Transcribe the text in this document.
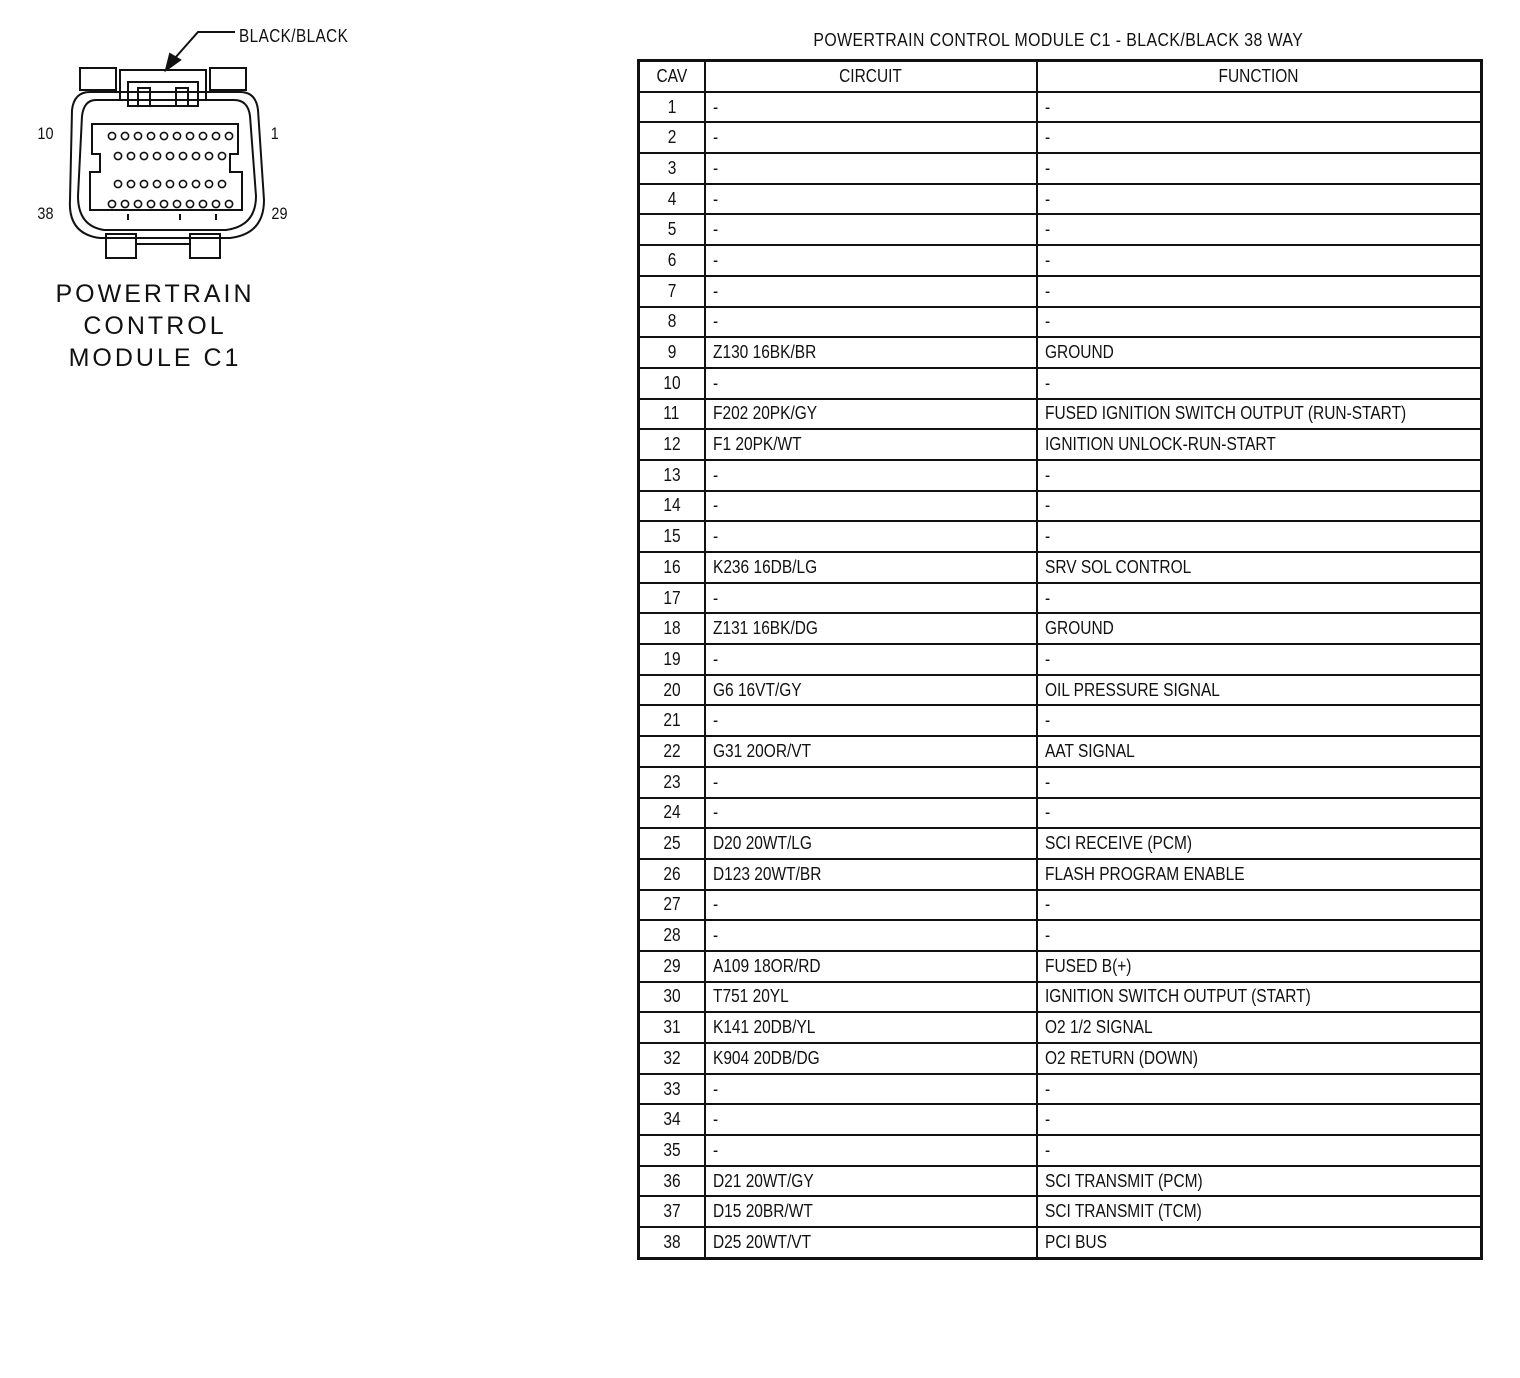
BLACK/BLACK
10	1
38	29
POWERTRAIN
CONTROL
MODULE C1
POWERTRAIN CONTROL MODULE C1 - BLACK/BLACK 38 WAY
CAV	CIRCUIT	FUNCTION
1	-	-
2	-	-
3	-	-
4	-	-
5	-	-
6	-	-
7	-	-
8	-	-
9	Z130 16BK/BR	GROUND
10	-	-
11	F202 20PK/GY	FUSED IGNITION SWITCH OUTPUT (RUN-START)
12	F1 20PK/WT	IGNITION UNLOCK-RUN-START
13	-	-
14	-	-
15	-	-
16	K236 16DB/LG	SRV SOL CONTROL
17	-	-
18	Z131 16BK/DG	GROUND
19	-	-
20	G6 16VT/GY	OIL PRESSURE SIGNAL
21	-	-
22	G31 20OR/VT	AAT SIGNAL
23	-	-
24	-	-
25	D20 20WT/LG	SCI RECEIVE (PCM)
26	D123 20WT/BR	FLASH PROGRAM ENABLE
27	-	-
28	-	-
29	A109 18OR/RD	FUSED B(+)
30	T751 20YL	IGNITION SWITCH OUTPUT (START)
31	K141 20DB/YL	O2 1/2 SIGNAL
32	K904 20DB/DG	O2 RETURN (DOWN)
33	-	-
34	-	-
35	-	-
36	D21 20WT/GY	SCI TRANSMIT (PCM)
37	D15 20BR/WT	SCI TRANSMIT (TCM)
38	D25 20WT/VT	PCI BUS
